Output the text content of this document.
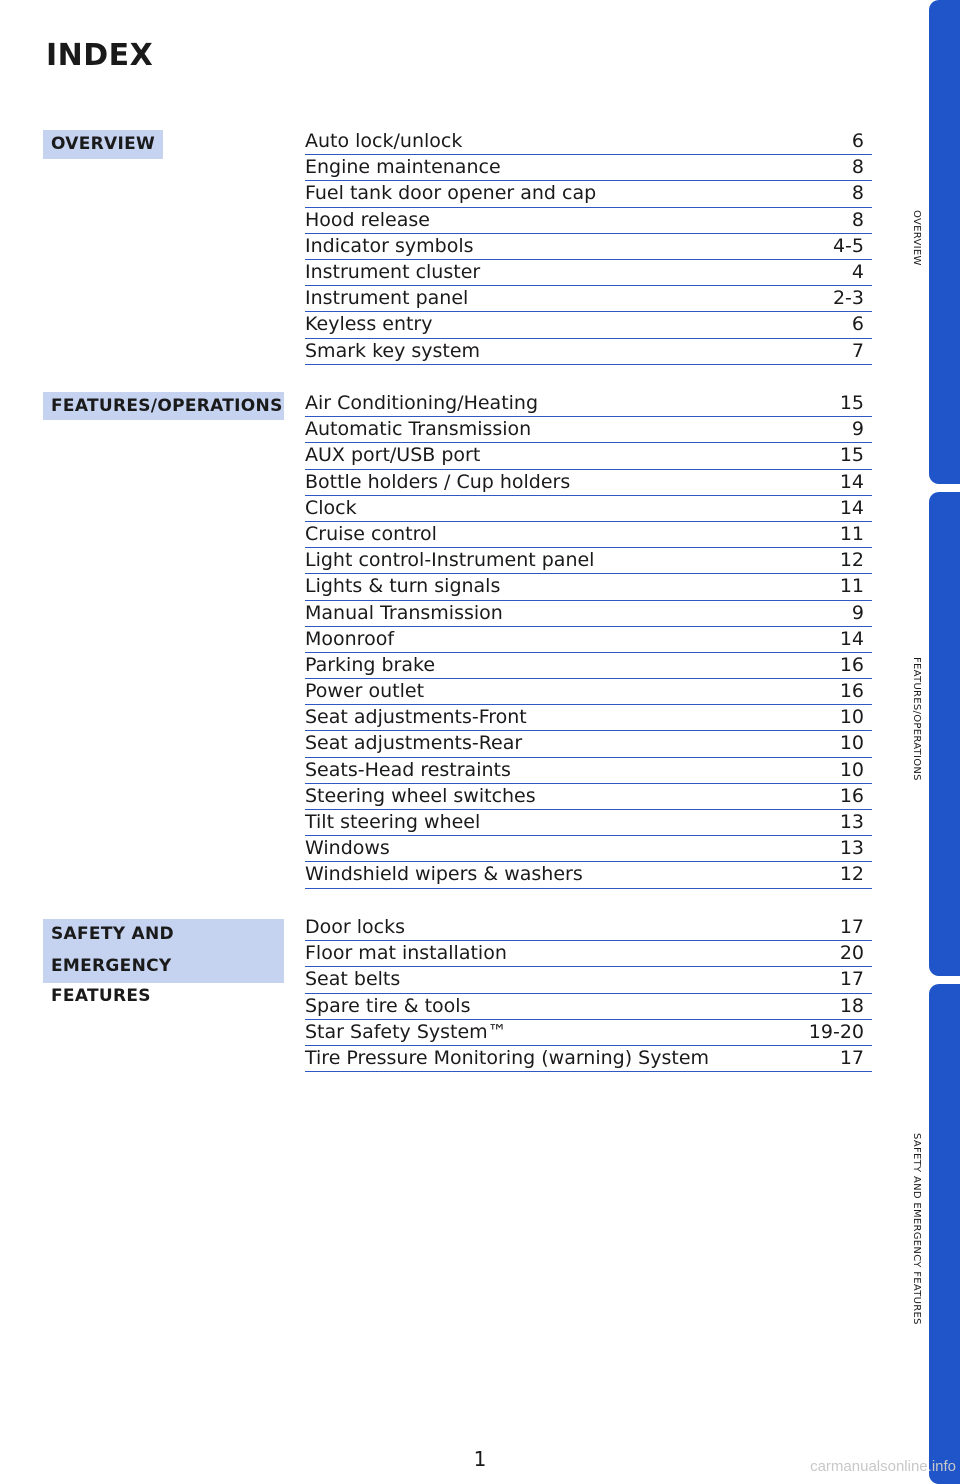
INDEX
OVERVIEW	Auto lock/unlock	6
Engine maintenance	8
Fuel tank door opener and cap	8
Hood release	8
Indicator symbols	4-5
Instrument cluster	4
Instrument panel	2-3
Keyless entry	6
Smark key system	7
FEATURES/OPERATIONS Air Conditioning/Heating	15
Automatic Transmission	9
AUX port/USB port	15
Bottle holders / Cup holders	14
Clock	14
Cruise control	11
Light control-Instrument panel	12
Lights & turn signals	11
Manual Transmission	9
Moonroof	14
Parking brake	16
Power outlet	16
Seat adjustments-Front	10
Seat adjustments-Rear	10
Seats-Head restraints	10
Steering wheel switches	16
Tilt steering wheel	13
Windows	13
Windshield wipers & washers	12
SAFETY AND
EMERGENCY FEATURES
Door locks	17
Floor mat installation	20
Seat belts	17
Spare tire & tools	18
Star Safety System™	19-20
Tire Pressure Monitoring (warning) System	17
OVERVIEW
FEATURES/OPERATIONS
SAFETY AND EMERGENCY FEATURES
1	carmanualsonline.info
